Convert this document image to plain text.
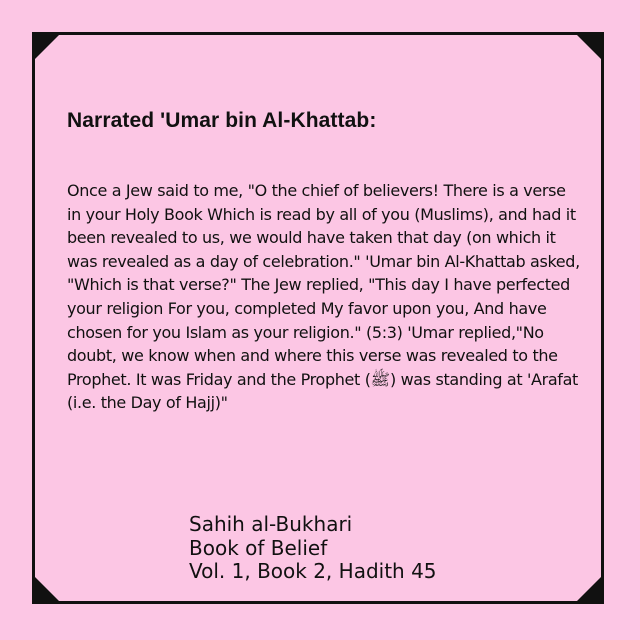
Narrated 'Umar bin Al-Khattab:

Once a Jew said to me, "O the chief of believers! There is a verse in your Holy Book Which is read by all of you (Muslims), and had it been revealed to us, we would have taken that day (on which it was revealed as a day of celebration." 'Umar bin Al-Khattab asked, "Which is that verse?" The Jew replied, "This day I have perfected your religion For you, completed My favor upon you, And have chosen for you Islam as your religion." (5:3) 'Umar replied,"No doubt, we know when and where this verse was revealed to the Prophet. It was Friday and the Prophet (ﷺ) was standing at 'Arafat (i.e. the Day of Hajj)"

Sahih al-Bukhari
Book of Belief
Vol. 1, Book 2, Hadith 45
